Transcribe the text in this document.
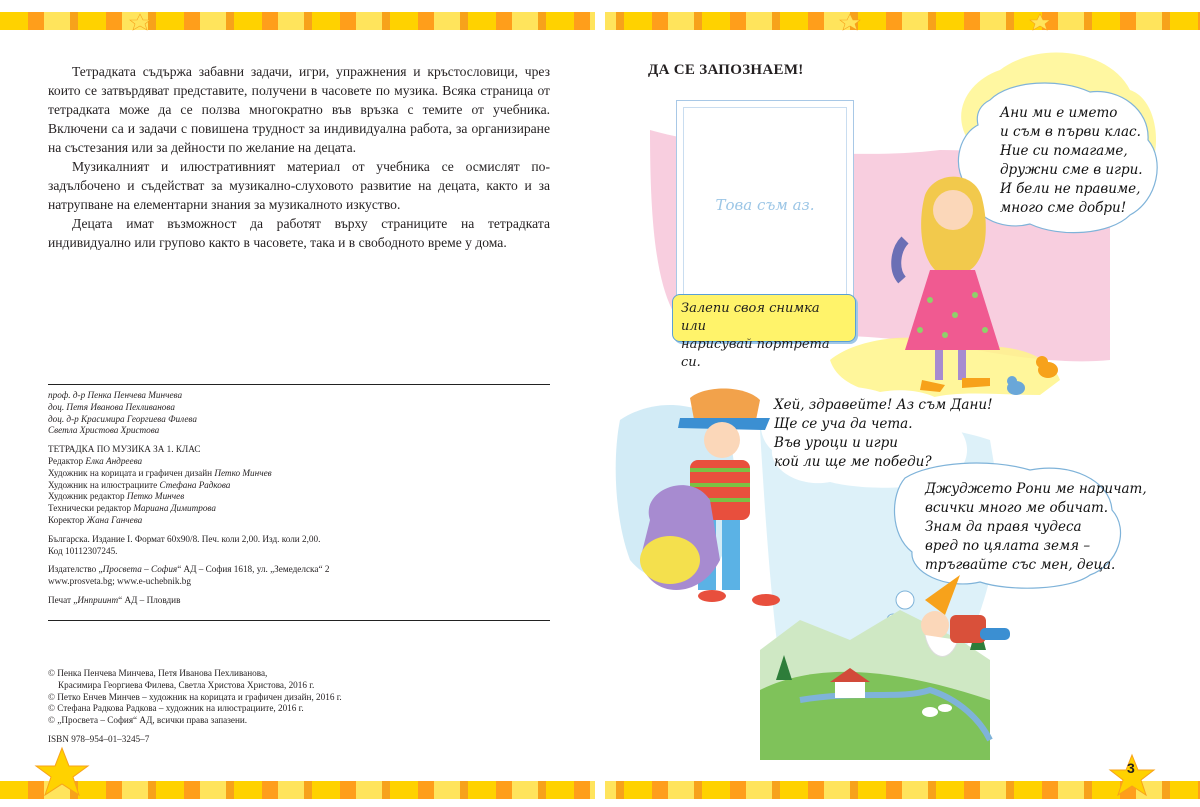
Тетрадката съдържа забавни задачи, игри, упражнения и кръстословици, чрез които се затвърдяват представите, получени в часовете по музика. Всяка страница от тетрадката може да се ползва многократно във връзка с темите от учебника. Включени са и задачи с повишена трудност за индивидуална работа, за организиране на състезания или за дейности по желание на децата.

Музикалният и илюстративният материал от учебника се осмислят по-задълбочено и съдействат за музикално-слуховото развитие на децата, както и за натрупване на елементарни знания за музикалното изкуство.

Децата имат възможност да работят върху страниците на тетрадката индивидуално или групово както в часовете, така и в свободното време у дома.

проф. д-р Пенка Пенчева Минчева
доц. Петя Иванова Пехливанова
доц. д-р Красимира Георгиева Филева
Светла Христова Христова
ТЕТРАДКА ПО МУЗИКА ЗА 1. КЛАС
Редактор Елка Андреева
Художник на корицата и графичен дизайн Петко Минчев
Художник на илюстрациите Стефана Радкова
Художник редактор Петко Минчев
Технически редактор Мариана Димитрова
Коректор Жана Ганчева
Българска. Издание I. Формат 60х90/8. Печ. коли 2,00. Изд. коли 2,00.
Код 10112307245.
Издателство „Просвета – София“ АД – София 1618, ул. „Земеделска“ 2
www.prosveta.bg; www.e-uchebnik.bg
Печат „Инприинт“ АД – Пловдив
© Пенка Пенчева Минчева, Петя Иванова Пехливанова,
Красимира Георгиева Филева, Светла Христова Христова, 2016 г.
© Петко Енчев Минчев – художник на корицата и графичен дизайн, 2016 г.
© Стефана Радкова Радкова – художник на илюстрациите, 2016 г.
© „Просвета – София“ АД, всички права запазени.
ISBN 978–954–01–3245–7
ДА СЕ ЗАПОЗНАЕМ!
Това съм аз.
Залепи своя снимка или
нарисувай портрета си.
Ани ми е името
и съм в първи клас.
Ние си помагаме,
дружни сме в игри.
И бели не правиме,
много сме добри!
Хей, здравейте! Аз съм Дани!
Ще се уча да чета.
Във уроци и игри
кой ли ще ме победи?
Джуджето Рони ме наричат,
всички много ме обичат.
Знам да правя чудеса
вред по цялата земя –
тръгвайте със мен, деца.
3
